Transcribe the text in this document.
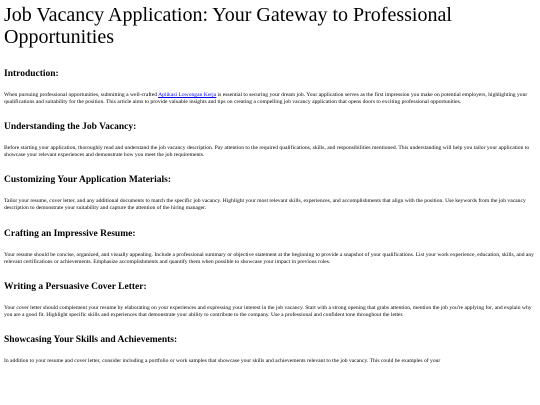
Job Vacancy Application: Your Gateway to Professional Opportunities
Introduction:

When pursuing professional opportunities, submitting a well-crafted Aplikasi Lowongan Kerja is essential to securing your dream job. Your application serves as the first impression you make on potential employers, highlighting your qualifications and suitability for the position. This article aims to provide valuable insights and tips on creating a compelling job vacancy application that opens doors to exciting professional opportunities.

Understanding the Job Vacancy:

Before starting your application, thoroughly read and understand the job vacancy description. Pay attention to the required qualifications, skills, and responsibilities mentioned. This understanding will help you tailor your application to showcase your relevant experiences and demonstrate how you meet the job requirements.

Customizing Your Application Materials:

Tailor your resume, cover letter, and any additional documents to match the specific job vacancy. Highlight your most relevant skills, experiences, and accomplishments that align with the position. Use keywords from the job vacancy description to demonstrate your suitability and capture the attention of the hiring manager.

Crafting an Impressive Resume:

Your resume should be concise, organized, and visually appealing. Include a professional summary or objective statement at the beginning to provide a snapshot of your qualifications. List your work experience, education, skills, and any relevant certifications or achievements. Emphasize accomplishments and quantify them when possible to showcase your impact in previous roles.

Writing a Persuasive Cover Letter:

Your cover letter should complement your resume by elaborating on your experiences and expressing your interest in the job vacancy. Start with a strong opening that grabs attention, mention the job you're applying for, and explain why you are a good fit. Highlight specific skills and experiences that demonstrate your ability to contribute to the company. Use a professional and confident tone throughout the letter.

Showcasing Your Skills and Achievements:

In addition to your resume and cover letter, consider including a portfolio or work samples that showcase your skills and achievements relevant to the job vacancy. This could be examples of your
